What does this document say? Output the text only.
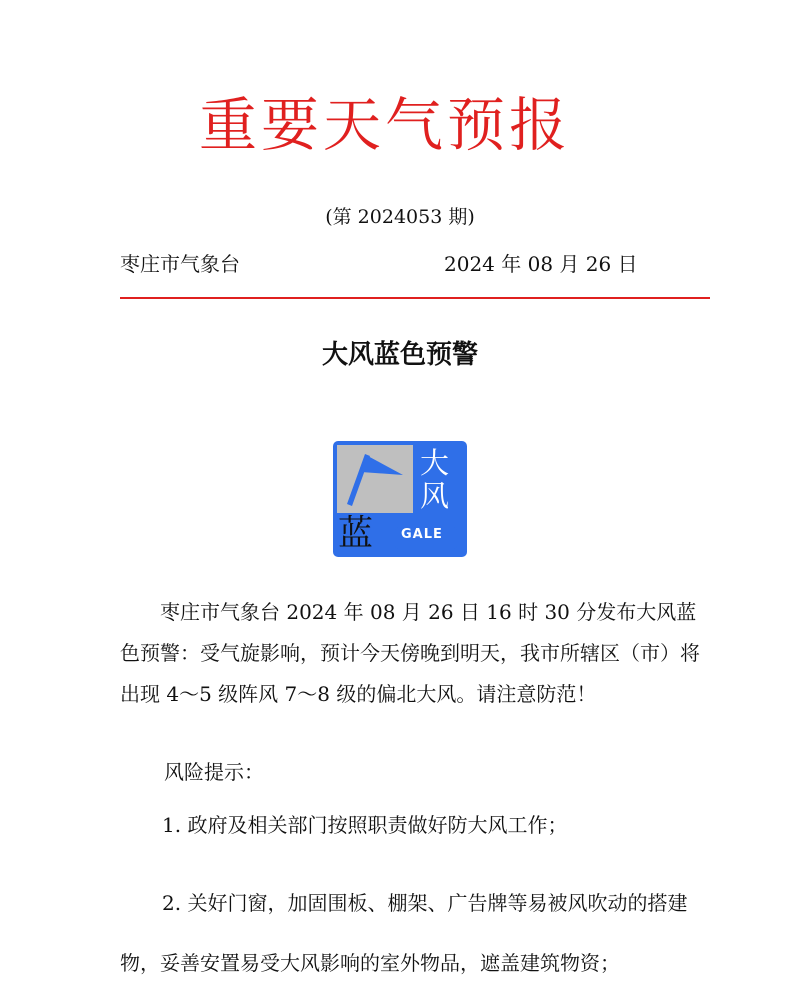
重要天气预报
(第 2024053 期)
枣庄市气象台	2024 年 08 月 26 日
大风蓝色预警
大
风
蓝 GALE
枣庄市气象台 2024 年 08 月 26 日 16 时 30 分发布大风蓝色预警：受气旋影响，预计今天傍晚到明天，我市所辖区（市）将出现 4～5 级阵风 7～8 级的偏北大风。请注意防范！
风险提示：
1. 政府及相关部门按照职责做好防大风工作；
2. 关好门窗，加固围板、棚架、广告牌等易被风吹动的搭建物，妥善安置易受大风影响的室外物品，遮盖建筑物资；
